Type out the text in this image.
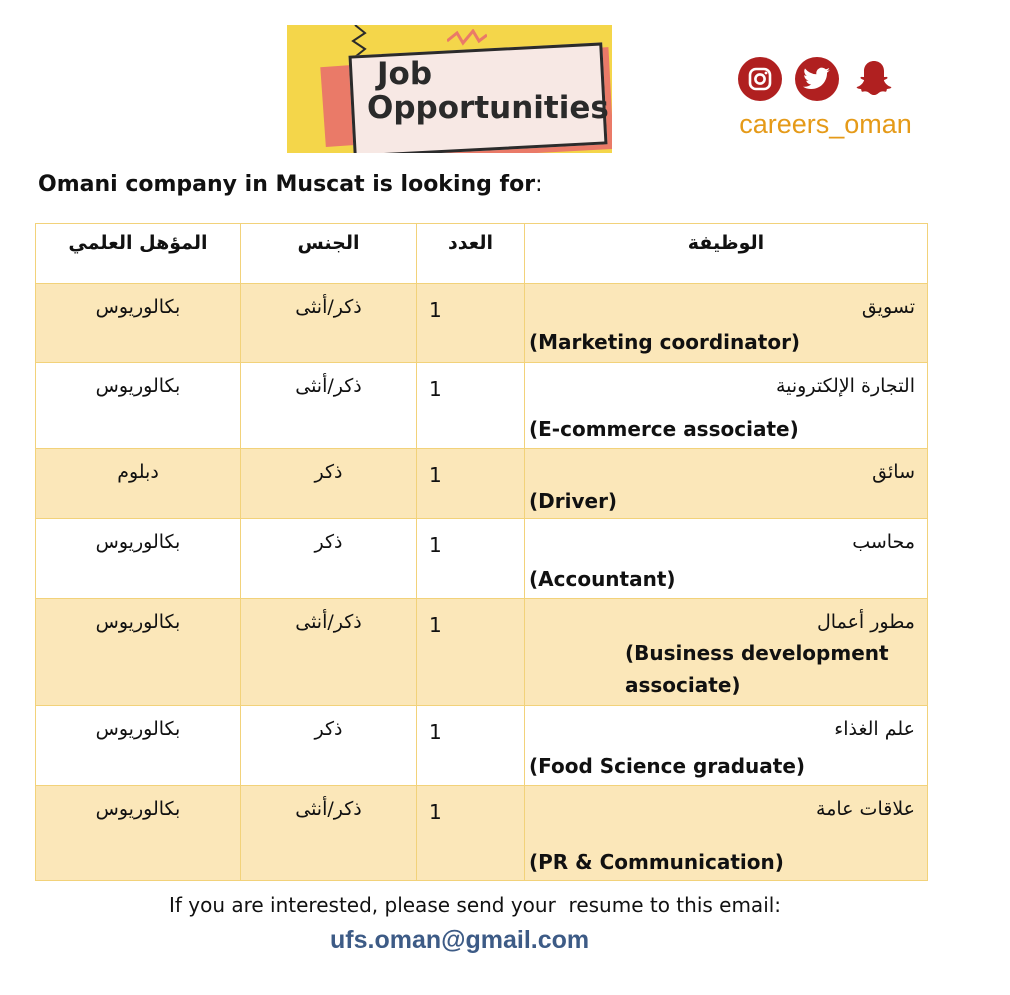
Job
Opportunities	careers_oman
Omani company in Muscat is looking for:
المؤهل العلمي	الجنس	العدد	الوظيفة
بكالوريوس	ذكر/أنثى	1	تسويق
(Marketing coordinator)

بكالوريوس	ذكر/أنثى	1	التجارة الإلكترونية
(E-commerce associate)

دبلوم	ذكر	1	سائق
(Driver)

بكالوريوس	ذكر	1	محاسب
(Accountant)

بكالوريوس	ذكر/أنثى	1	مطور أعمال
(Business development associate)

بكالوريوس	ذكر	1	علم الغذاء
(Food Science graduate)

بكالوريوس	ذكر/أنثى	1	علاقات عامة
(PR & Communication)
If you are interested, please send your  resume to this email:
ufs.oman@gmail.com
